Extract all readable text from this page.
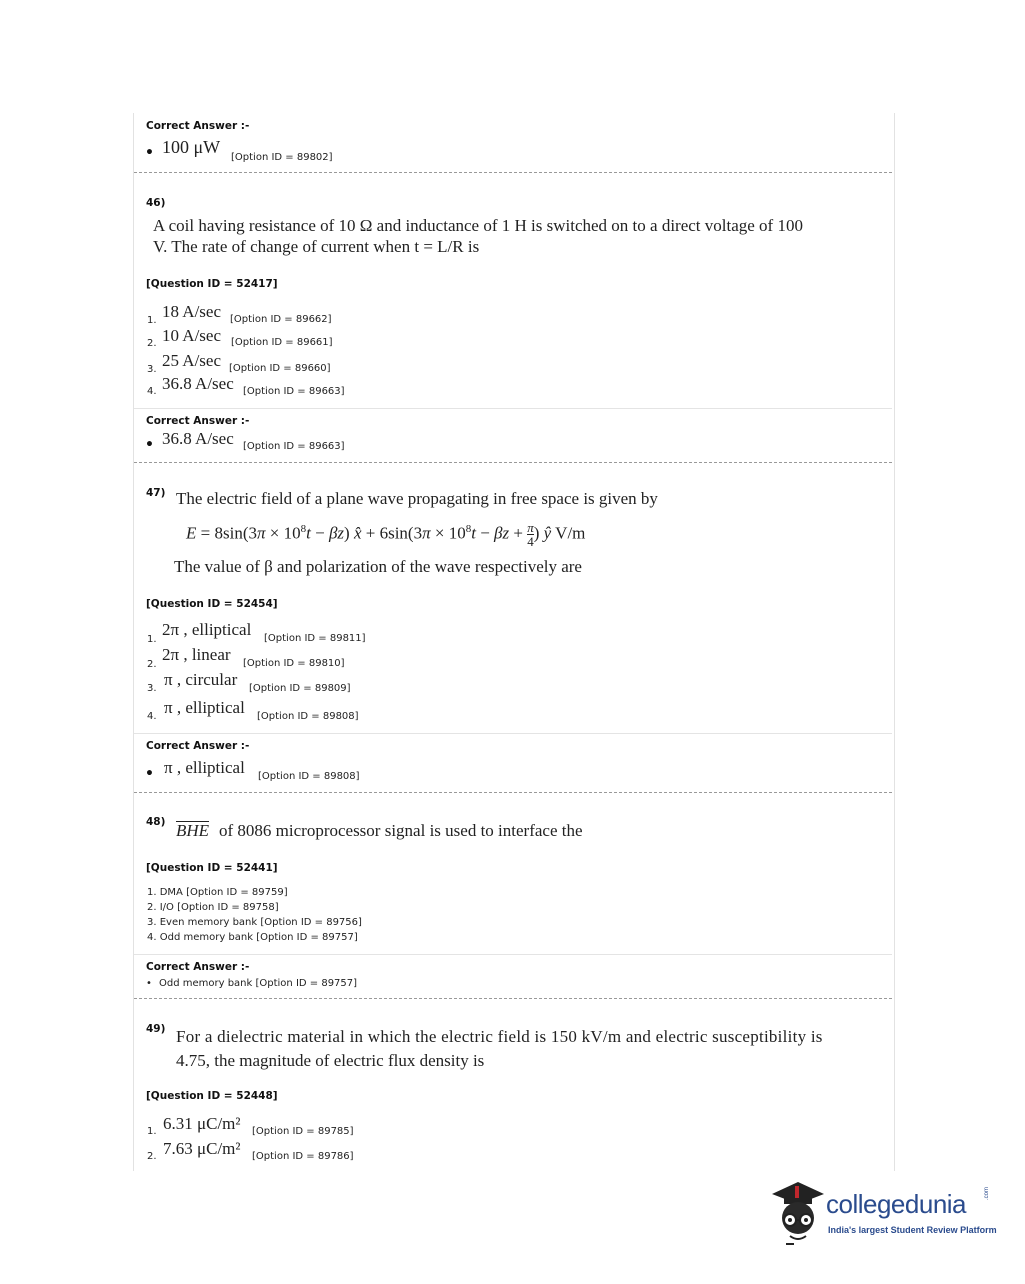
Correct Answer :-
• 100 μW
[Option ID = 89802]
46)
A coil having resistance of 10 Ω and inductance of 1 H is switched on to a direct voltage of 100
V. The rate of change of current when t = L/R is
[Question ID = 52417]
1. 18 A/sec [Option ID = 89662]
2. 10 A/sec [Option ID = 89661]
3. 25 A/sec [Option ID = 89660]
4. 36.8 A/sec [Option ID = 89663]
Correct Answer :-
• 36.8 A/sec [Option ID = 89663]
47) The electric field of a plane wave propagating in free space is given by
$E = 8\sin(3\pi \times 10^8t - \beta z)$ x̂ + $6\sin(3\pi \times 10^8t - \beta z + \frac{\pi}{4}$ ) ŷ V/m
The value of β and polarization of the wave respectively are
[Question ID = 52454]
1.
2π , elliptical [Option ID = 89811]
2.
2π , linear [Option ID = 89810]
3. π , circular [Option ID = 89809]
4. π , elliptical [Option ID = 89808]
Correct Answer :-
• π , elliptical [Option ID = 89808]
48) BHE of 8086 microprocessor signal is used to interface the
[Question ID = 52441]
1. DMA [Option ID = 89759]
2. I/O [Option ID = 89758]
3. Even memory bank [Option ID = 89756]
4. Odd memory bank [Option ID = 89757]
Correct Answer :-
• Odd memory bank [Option ID = 89757]
49) For a dielectric material in which the electric field is 150 kV/m and electric susceptibility is
4.75, the magnitude of electric flux density is
[Question ID = 52448]
1. 6.31 μC/m² [Option ID = 89785]
2. 7.63 μC/m² [Option ID = 89786]
collegedunia	.com
India's largest Student Review Platform
